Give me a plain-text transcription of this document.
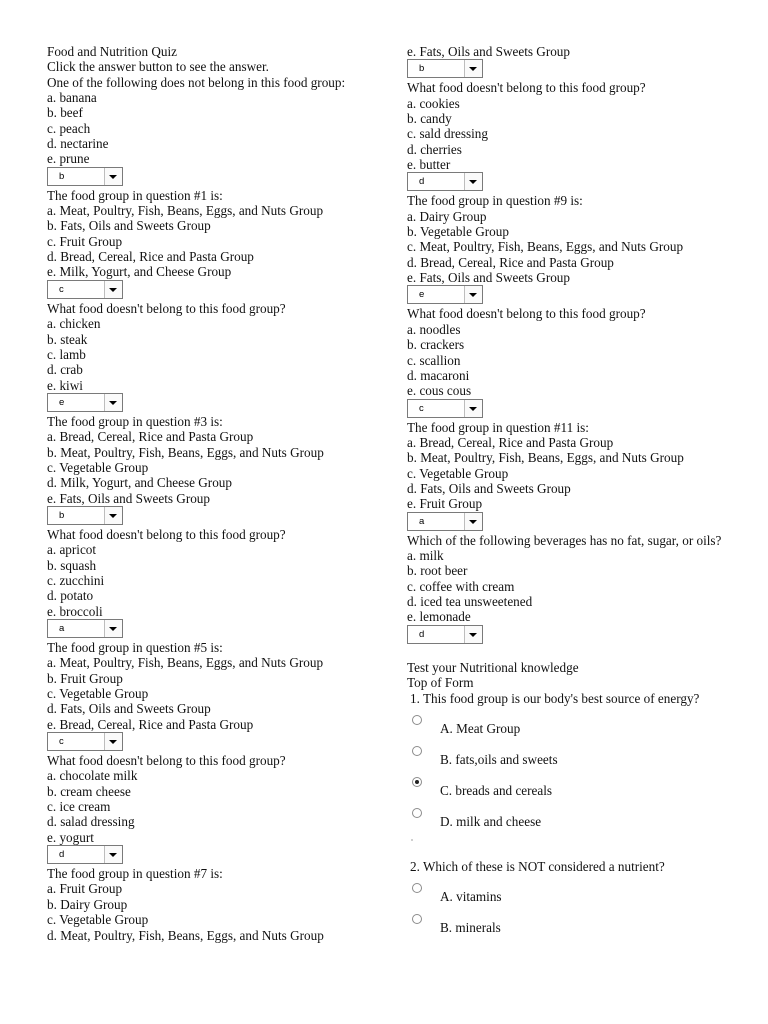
Food and Nutrition Quiz
Click the answer button to see the answer.
One of the following does not belong in this food group:
a. banana
b. beef
c. peach
d. nectarine
e. prune
b
The food group in question #1 is:
a. Meat, Poultry, Fish, Beans, Eggs, and Nuts Group
b. Fats, Oils and Sweets Group
c. Fruit Group
d. Bread, Cereal, Rice and Pasta Group
e. Milk, Yogurt, and Cheese Group
c
What food doesn't belong to this food group?
a. chicken
b. steak
c. lamb
d. crab
e. kiwi
e
The food group in question #3 is:
a. Bread, Cereal, Rice and Pasta Group
b. Meat, Poultry, Fish, Beans, Eggs, and Nuts Group
c. Vegetable Group
d. Milk, Yogurt, and Cheese Group
e. Fats, Oils and Sweets Group
b
What food doesn't belong to this food group?
a. apricot
b. squash
c. zucchini
d. potato
e. broccoli
a
The food group in question #5 is:
a. Meat, Poultry, Fish, Beans, Eggs, and Nuts Group
b. Fruit Group
c. Vegetable Group
d. Fats, Oils and Sweets Group
e. Bread, Cereal, Rice and Pasta Group
c
What food doesn't belong to this food group?
a. chocolate milk
b. cream cheese
c. ice cream
d. salad dressing
e. yogurt
d
The food group in question #7 is:
a. Fruit Group
b. Dairy Group
c. Vegetable Group
d. Meat, Poultry, Fish, Beans, Eggs, and Nuts Group
e. Fats, Oils and Sweets Group
b
What food doesn't belong to this food group?
a. cookies
b. candy
c. sald dressing
d. cherries
e. butter
d
The food group in question #9 is:
a. Dairy Group
b. Vegetable Group
c. Meat, Poultry, Fish, Beans, Eggs, and Nuts Group
d. Bread, Cereal, Rice and Pasta Group
e. Fats, Oils and Sweets Group
e
What food doesn't belong to this food group?
a. noodles
b. crackers
c. scallion
d. macaroni
e. cous cous
c
The food group in question #11 is:
a. Bread, Cereal, Rice and Pasta Group
b. Meat, Poultry, Fish, Beans, Eggs, and Nuts Group
c. Vegetable Group
d. Fats, Oils and Sweets Group
e. Fruit Group
a
Which of the following beverages has no fat, sugar, or oils?
a. milk
b. root beer
c. coffee with cream
d. iced tea unsweetened
e. lemonade
d
Test your Nutritional knowledge
Top of Form
1. This food group is our body's best source of energy?
A. Meat Group
B. fats,oils and sweets
C. breads and cereals
D. milk and cheese
2. Which of these is NOT considered a nutrient?
A. vitamins
B. minerals
